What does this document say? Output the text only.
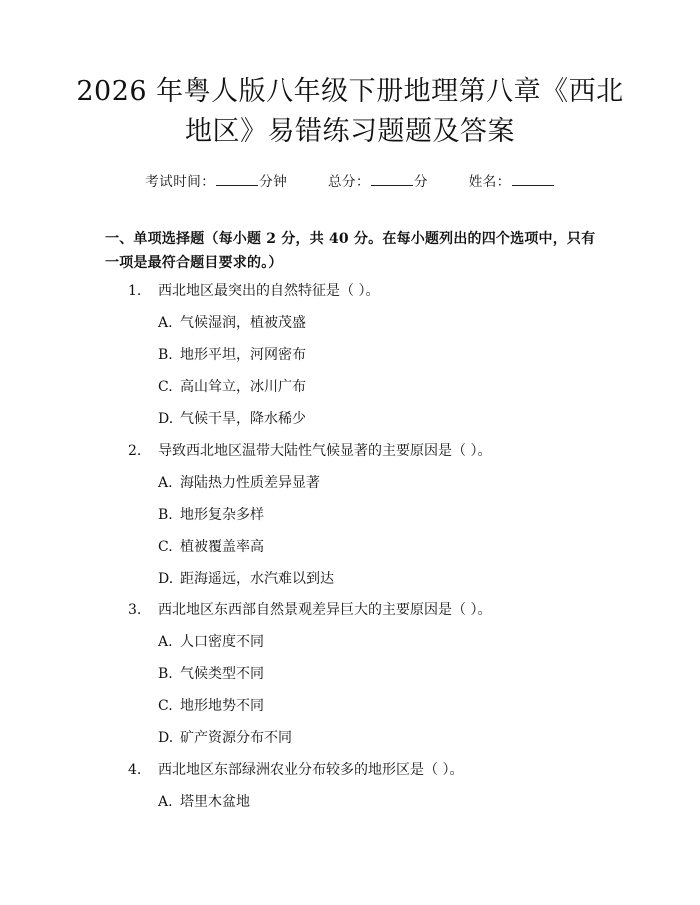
2026 年粤人版八年级下册地理第八章《西北
地区》易错练习题题及答案
考试时间：	分钟	总分：	分	姓名：
一、单项选择题（每小题 2 分，共 40 分。在每小题列出的四个选项中，只有一项是最符合题目要求的。）
1. 西北地区最突出的自然特征是（ ）。
A. 气候湿润，植被茂盛
B. 地形平坦，河网密布
C. 高山耸立，冰川广布
D. 气候干旱，降水稀少
2. 导致西北地区温带大陆性气候显著的主要原因是（ ）。
A. 海陆热力性质差异显著
B. 地形复杂多样
C. 植被覆盖率高
D. 距海遥远，水汽难以到达
3. 西北地区东西部自然景观差异巨大的主要原因是（ ）。
A. 人口密度不同
B. 气候类型不同
C. 地形地势不同
D. 矿产资源分布不同
4. 西北地区东部绿洲农业分布较多的地形区是（ ）。
A. 塔里木盆地
